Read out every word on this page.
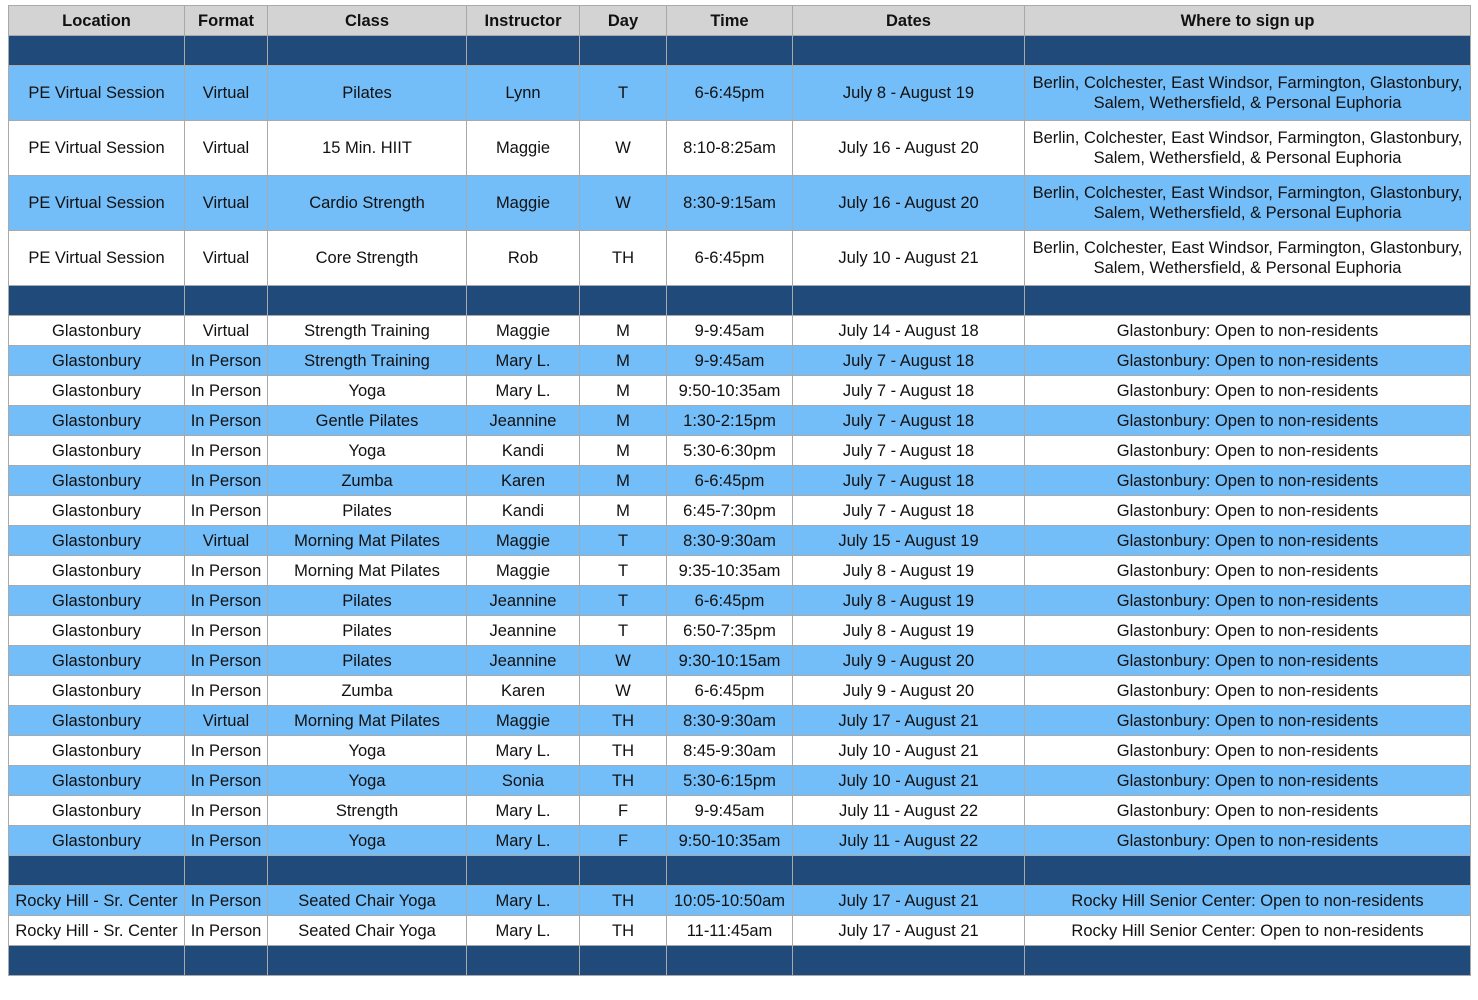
Location	Format	Class	Instructor	Day	Time	Dates	Where to sign up

PE Virtual Session	Virtual	Pilates	Lynn	T	6-6:45pm	July 8 - August 19	Berlin, Colchester, East Windsor, Farmington, Glastonbury, Salem, Wethersfield, & Personal Euphoria
PE Virtual Session	Virtual	15 Min. HIIT	Maggie	W	8:10-8:25am	July 16 - August 20	Berlin, Colchester, East Windsor, Farmington, Glastonbury, Salem, Wethersfield, & Personal Euphoria
PE Virtual Session	Virtual	Cardio Strength	Maggie	W	8:30-9:15am	July 16 - August 20	Berlin, Colchester, East Windsor, Farmington, Glastonbury, Salem, Wethersfield, & Personal Euphoria
PE Virtual Session	Virtual	Core Strength	Rob	TH	6-6:45pm	July 10 - August 21	Berlin, Colchester, East Windsor, Farmington, Glastonbury, Salem, Wethersfield, & Personal Euphoria

Glastonbury	Virtual	Strength Training	Maggie	M	9-9:45am	July 14 - August 18	Glastonbury: Open to non-residents
Glastonbury	In Person	Strength Training	Mary L.	M	9-9:45am	July 7 - August 18	Glastonbury: Open to non-residents
Glastonbury	In Person	Yoga	Mary L.	M	9:50-10:35am	July 7 - August 18	Glastonbury: Open to non-residents
Glastonbury	In Person	Gentle Pilates	Jeannine	M	1:30-2:15pm	July 7 - August 18	Glastonbury: Open to non-residents
Glastonbury	In Person	Yoga	Kandi	M	5:30-6:30pm	July 7 - August 18	Glastonbury: Open to non-residents
Glastonbury	In Person	Zumba	Karen	M	6-6:45pm	July 7 - August 18	Glastonbury: Open to non-residents
Glastonbury	In Person	Pilates	Kandi	M	6:45-7:30pm	July 7 - August 18	Glastonbury: Open to non-residents
Glastonbury	Virtual	Morning Mat Pilates	Maggie	T	8:30-9:30am	July 15 - August 19	Glastonbury: Open to non-residents
Glastonbury	In Person	Morning Mat Pilates	Maggie	T	9:35-10:35am	July 8 - August 19	Glastonbury: Open to non-residents
Glastonbury	In Person	Pilates	Jeannine	T	6-6:45pm	July 8 - August 19	Glastonbury: Open to non-residents
Glastonbury	In Person	Pilates	Jeannine	T	6:50-7:35pm	July 8 - August 19	Glastonbury: Open to non-residents
Glastonbury	In Person	Pilates	Jeannine	W	9:30-10:15am	July 9 - August 20	Glastonbury: Open to non-residents
Glastonbury	In Person	Zumba	Karen	W	6-6:45pm	July 9 - August 20	Glastonbury: Open to non-residents
Glastonbury	Virtual	Morning Mat Pilates	Maggie	TH	8:30-9:30am	July 17 - August 21	Glastonbury: Open to non-residents
Glastonbury	In Person	Yoga	Mary L.	TH	8:45-9:30am	July 10 - August 21	Glastonbury: Open to non-residents
Glastonbury	In Person	Yoga	Sonia	TH	5:30-6:15pm	July 10 - August 21	Glastonbury: Open to non-residents
Glastonbury	In Person	Strength	Mary L.	F	9-9:45am	July 11 - August 22	Glastonbury: Open to non-residents
Glastonbury	In Person	Yoga	Mary L.	F	9:50-10:35am	July 11 - August 22	Glastonbury: Open to non-residents

Rocky Hill - Sr. Center	In Person	Seated Chair Yoga	Mary L.	TH	10:05-10:50am	July 17 - August 21	Rocky Hill Senior Center: Open to non-residents
Rocky Hill - Sr. Center	In Person	Seated Chair Yoga	Mary L.	TH	11-11:45am	July 17 - August 21	Rocky Hill Senior Center: Open to non-residents
